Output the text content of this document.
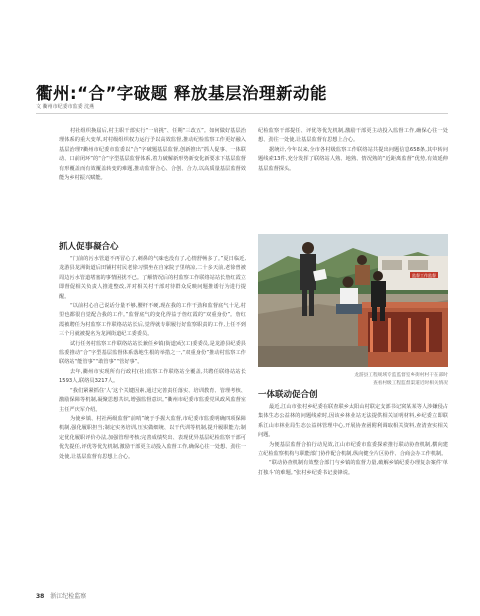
衢州:“合”字破题 释放基层治理新动能
文 衢州市纪委市监委 沈燕

村社组织换届后,村主职干部实行“一肩挑”、任期“三改五”。如何做好基层治理体系的重大变革,对村级组织权力运行予以高效监督,推动纪检监察工作更好融入基层治理?衢州市纪委市监委以“合”字破题基层监督,创新推出“抓人促事、一体联动、口前闭环”的“合”字型基层监督体系,着力破解新形势新变化新要求下基层监督有形覆盖而有效覆盖转变的难题,推动监督合心、合创、合力,以高质量基层监督效能为乡村振兴赋能。

抓人促事凝合心

“门前的污水管道不再冒心了,刺鼻的气味也没有了,心情舒畅多了。”夏日临近,龙游县龙洲街道后田铺村村民老徐习惯坐在自家院子里纳凉,二十多天前,老徐曾被周边污水管道堵塞的事情困扰不已。了解情况后的村监察工作联络站站长詹红霞立即督促相关负责人推进整改,并对相关村干部对待群众反映问题推诿行为进行提醒。

“以前村心自己说话分量不够,腰杆不硬,现在我的工作干劲和监督底气十足,村里也都很自觉配合我的工作。”监督底气的变化得益于詹红霞的“双重身份”。詹红霞被聘任为村监察工作联络站站长后,觉得就专职履行好监察职责的工作,上任不到三个月就被提名为龙洲街道纪工委委员。

试行任务村监察工作联络站站长兼任乡镇(街道)纪(工)委委员,是龙游县纪委县监委推动“合”字型基层监督体系落地生根的举措之一,“双重身份”推动村监察工作联络站“能管事”“敢管事”“管好事”。

去年,衢州市实现所有行政村(社)监察工作联络站全覆盖,共聘任联络站站长1593人,联络员3217人。

“我们紧紧抓住‘人’这个关键因素,通过完善责任落实、培训教育、管理考核、激励保障等机制,凝聚思想共识,增强监督意识。”衢州市纪委市监委党风政风监督室主任严庆军介绍。

为使乡镇、村社两级监督“前哨”统于手握大监督,市纪委市监委明确四项保障机制,强化履职担当;制定实务培训,压实做细统、以干代训等机制,提升履职能力;制定优化履职评价办法,加强管理考核;完善成绩奖出、表现优异基层纪检监察干部可优先提任,评优等优先机制,激励干部更主动投入监督工作,确保心往一处想、劲往一处使,让基层监督有思想上合心。

纪检监察干部提任、评优等优先机制,激励干部更主动投入监督工作,确保心往一处想、劲往一处使,让基层监督有思想上合心。

据统计,今年以来,全市各村级监察工作联络站共提出问题信息658条,其中转问题线索13件,充分发挥了联络站人熟、地熟、情况熟的“近距离监督”优势,有效延伸基层监督探头。

监督工作监督
龙游县工程规域专监监督室乡街村村干在部时
查看村级工程监督渠道近时相关情况
一体联动促合创

最近,江山市张村乡纪委在联查联乡太阳山村联定支部书记窝某某等人涉嫌侵占集体生态公益林的问题线索时,因该乡林业站无法提供相关证明材料,乡纪委立即联系江山市林业局生态公益林管理中心,开展协查函附利调取相关资料,查清查实相关问题。

为便基层监督合拍行动见效,江山市纪委市监委探索推行联动协查机制,横向建立纪检监察机构与职能部门协作配合机制,纵向健全片区协作、合商会办工作机制。

“联动协查机制有效整合部门与乡镇的监督力量,破解乡镇纪委办理复杂案件‘单打独斗’的难题。”张村乡纪委书记姜锋说。

38 浙江纪检监察
